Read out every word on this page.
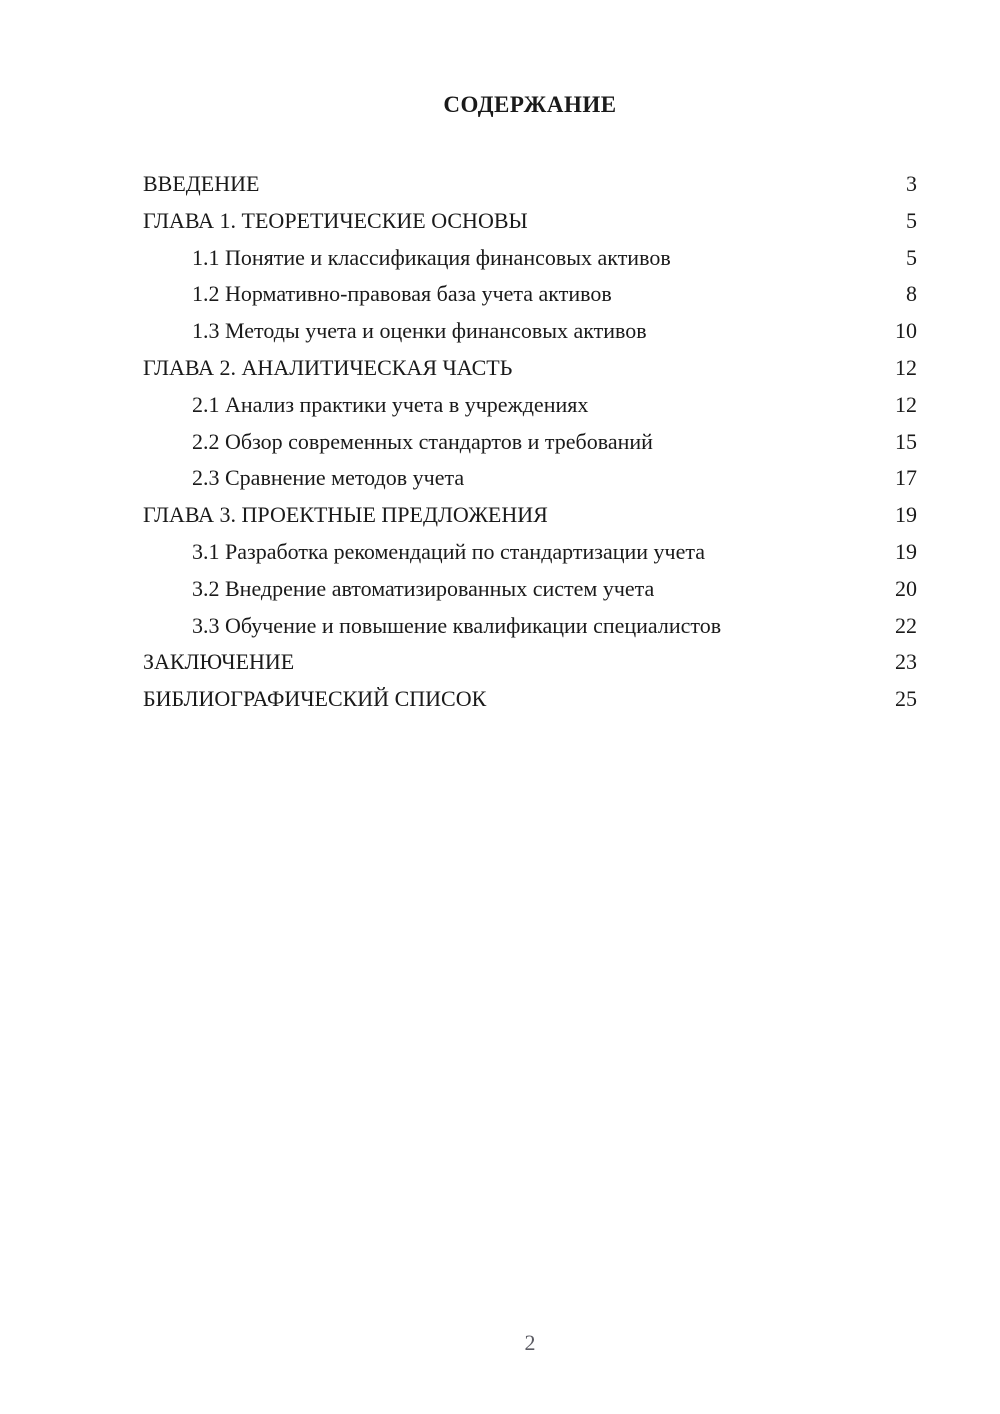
СОДЕРЖАНИЕ
ВВЕДЕНИЕ	3
ГЛАВА 1. ТЕОРЕТИЧЕСКИЕ ОСНОВЫ	5
1.1 Понятие и классификация финансовых активов	5
1.2 Нормативно-правовая база учета активов	8
1.3 Методы учета и оценки финансовых активов	10
ГЛАВА 2. АНАЛИТИЧЕСКАЯ ЧАСТЬ	12
2.1 Анализ практики учета в учреждениях	12
2.2 Обзор современных стандартов и требований	15
2.3 Сравнение методов учета	17
ГЛАВА 3. ПРОЕКТНЫЕ ПРЕДЛОЖЕНИЯ	19
3.1 Разработка рекомендаций по стандартизации учета	19
3.2 Внедрение автоматизированных систем учета	20
3.3 Обучение и повышение квалификации специалистов	22
ЗАКЛЮЧЕНИЕ	23
БИБЛИОГРАФИЧЕСКИЙ СПИСОК	25
2
